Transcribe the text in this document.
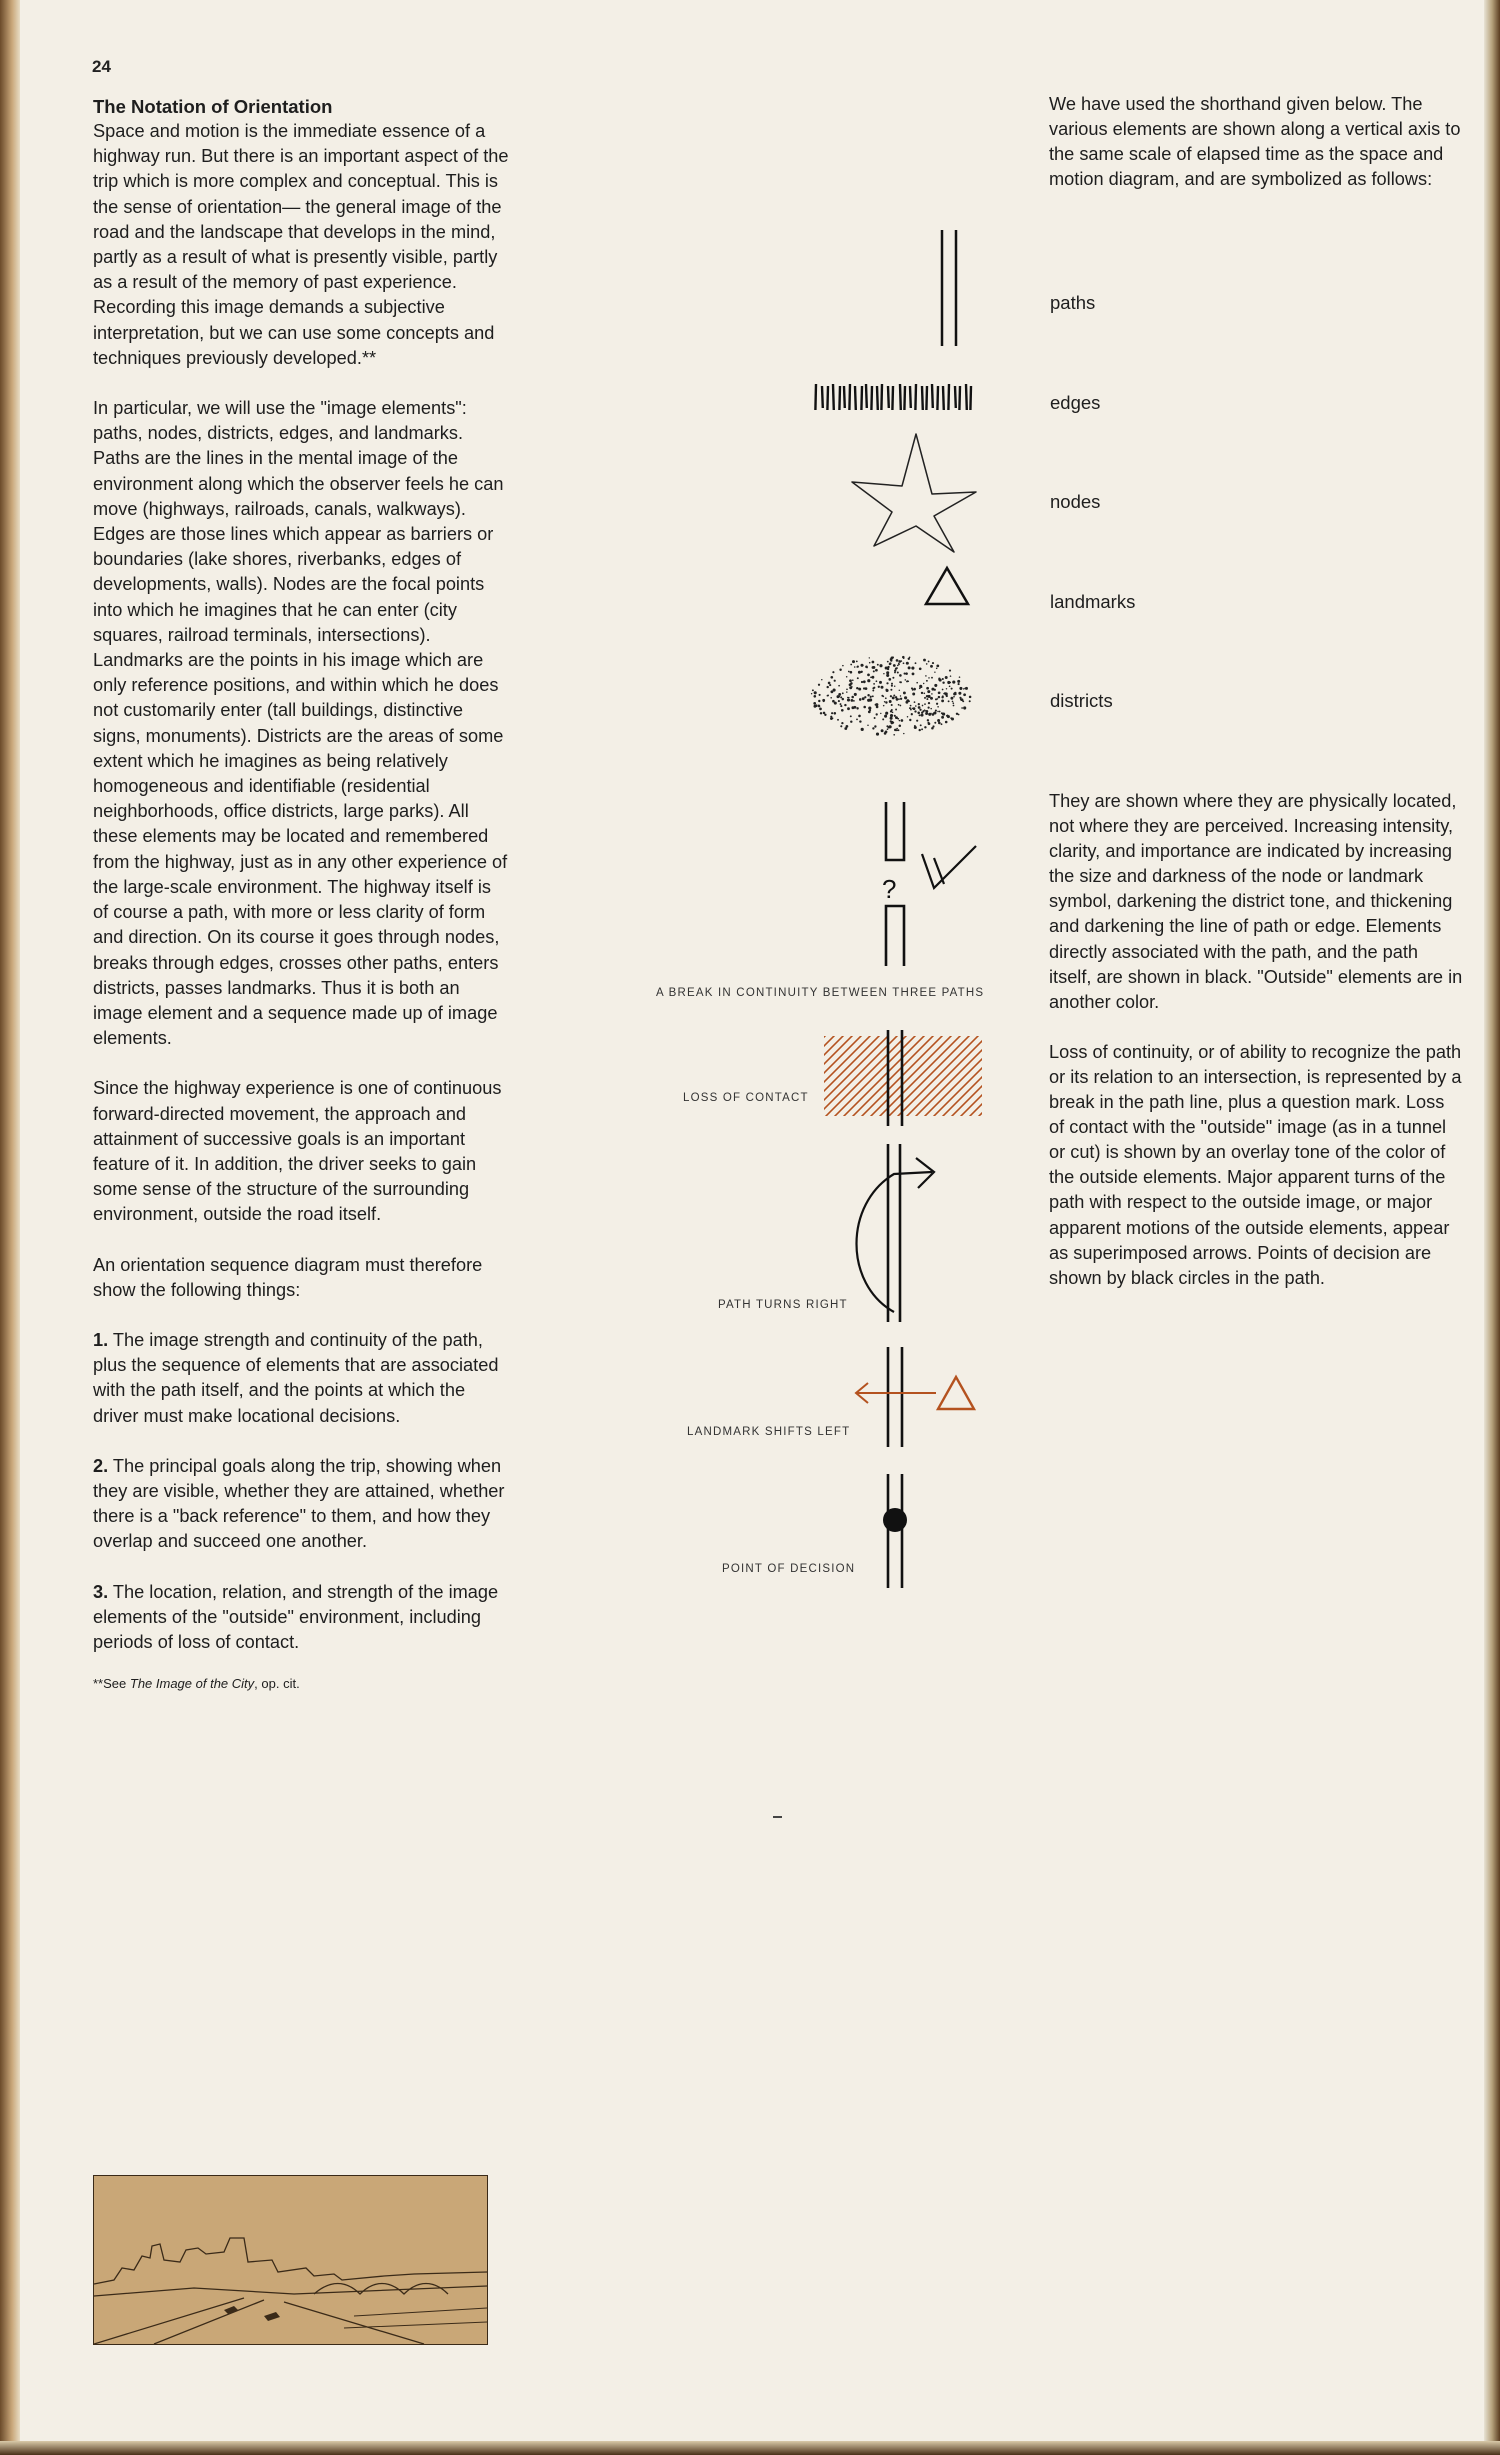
24
The Notation of Orientation

Space and motion is the immediate essence of a highway run. But there is an important aspect of the trip which is more complex and conceptual. This is the sense of orientation— the general image of the road and the landscape that develops in the mind, partly as a result of what is presently visible, partly as a result of the memory of past experience. Recording this image demands a subjective interpretation, but we can use some concepts and techniques previously developed.**

In particular, we will use the "image elements": paths, nodes, districts, edges, and landmarks. Paths are the lines in the mental image of the environment along which the observer feels he can move (highways, railroads, canals, walkways). Edges are those lines which appear as barriers or boundaries (lake shores, riverbanks, edges of developments, walls). Nodes are the focal points into which he imagines that he can enter (city squares, railroad terminals, intersections). Landmarks are the points in his image which are only reference positions, and within which he does not customarily enter (tall buildings, distinctive signs, monuments). Districts are the areas of some extent which he imagines as being relatively homogeneous and identifiable (residential neighborhoods, office districts, large parks). All these elements may be located and remembered from the highway, just as in any other experience of the large-scale environment. The highway itself is of course a path, with more or less clarity of form and direction. On its course it goes through nodes, breaks through edges, crosses other paths, enters districts, passes landmarks. Thus it is both an image element and a sequence made up of image elements.

Since the highway experience is one of continuous forward-directed movement, the approach and attainment of successive goals is an important feature of it. In addition, the driver seeks to gain some sense of the structure of the surrounding environment, outside the road itself.

An orientation sequence diagram must therefore show the following things:

1. The image strength and continuity of the path, plus the sequence of elements that are associated with the path itself, and the points at which the driver must make locational decisions.

2. The principal goals along the trip, showing when they are visible, whether they are attained, whether there is a "back reference" to them, and how they overlap and succeed one another.

3. The location, relation, and strength of the image elements of the "outside" environment, including periods of loss of contact.

**See The Image of the City, op. cit.

We have used the shorthand given below. The various elements are shown along a vertical axis to the same scale of elapsed time as the space and motion diagram, and are symbolized as follows:

They are shown where they are physically located, not where they are perceived. Increasing intensity, clarity, and importance are indicated by increasing the size and darkness of the node or landmark symbol, darkening the district tone, and thickening and darkening the line of path or edge. Elements directly associated with the path, and the path itself, are shown in black. "Outside" elements are in another color.

Loss of continuity, or of ability to recognize the path or its relation to an intersection, is represented by a break in the path line, plus a question mark. Loss of contact with the "outside" image (as in a tunnel or cut) is shown by an overlay tone of the color of the outside elements. Major apparent turns of the path with respect to the outside image, or major apparent motions of the outside elements, appear as superimposed arrows. Points of decision are shown by black circles in the path.

paths
edges
nodes
landmarks
districts
?
A BREAK IN CONTINUITY BETWEEN THREE PATHS
LOSS OF CONTACT
PATH TURNS RIGHT
LANDMARK SHIFTS LEFT
POINT OF DECISION
